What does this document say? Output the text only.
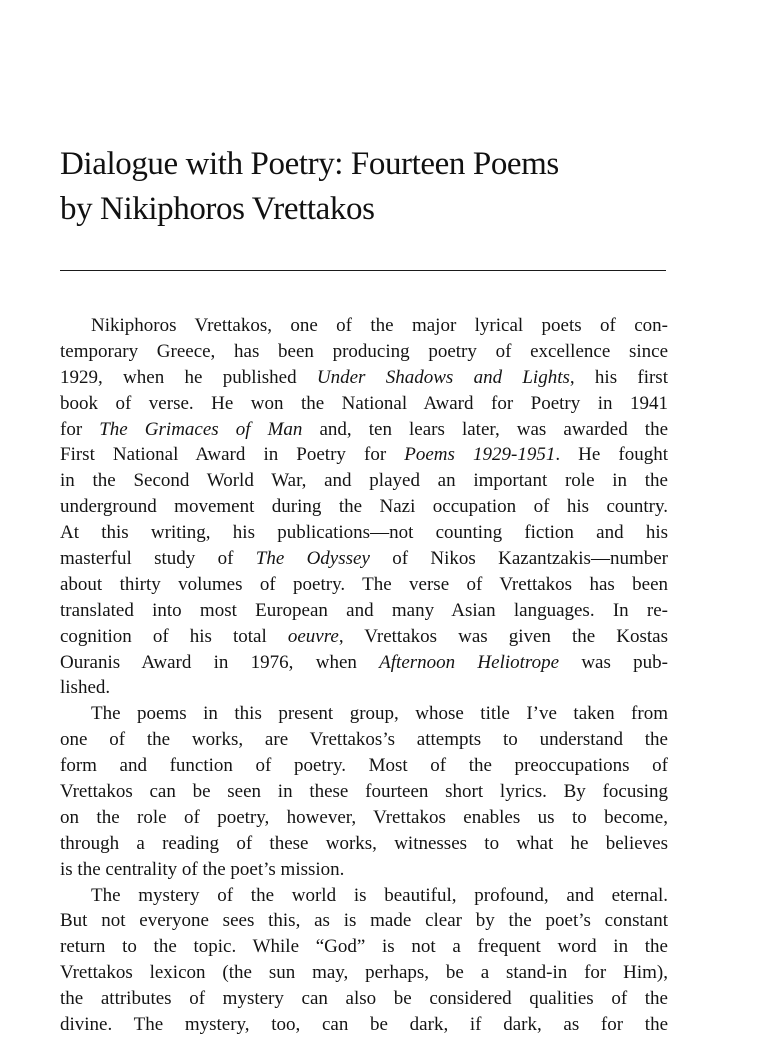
Dialogue with Poetry: Fourteen Poems
by Nikiphoros Vrettakos
Nikiphoros Vrettakos, one of the major lyrical poets of con-
temporary Greece, has been producing poetry of excellence since
1929, when he published Under Shadows and Lights, his first
book of verse. He won the National Award for Poetry in 1941
for The Grimaces of Man and, ten lears later, was awarded the
First National Award in Poetry for Poems 1929-1951. He fought
in the Second World War, and played an important role in the
underground movement during the Nazi occupation of his country.
At this writing, his publications—not counting fiction and his
masterful study of The Odyssey of Nikos Kazantzakis—number
about thirty volumes of poetry. The verse of Vrettakos has been
translated into most European and many Asian languages. In re-
cognition of his total oeuvre, Vrettakos was given the Kostas
Ouranis Award in 1976, when Afternoon Heliotrope was pub-
lished.
The poems in this present group, whose title I’ve taken from
one of the works, are Vrettakos’s attempts to understand the
form and function of poetry. Most of the preoccupations of
Vrettakos can be seen in these fourteen short lyrics. By focusing
on the role of poetry, however, Vrettakos enables us to become,
through a reading of these works, witnesses to what he believes
is the centrality of the poet’s mission.
The mystery of the world is beautiful, profound, and eternal.
But not everyone sees this, as is made clear by the poet’s constant
return to the topic. While “God” is not a frequent word in the
Vrettakos lexicon (the sun may, perhaps, be a stand-in for Him),
the attributes of mystery can also be considered qualities of the
divine. The mystery, too, can be dark, if dark, as for the
